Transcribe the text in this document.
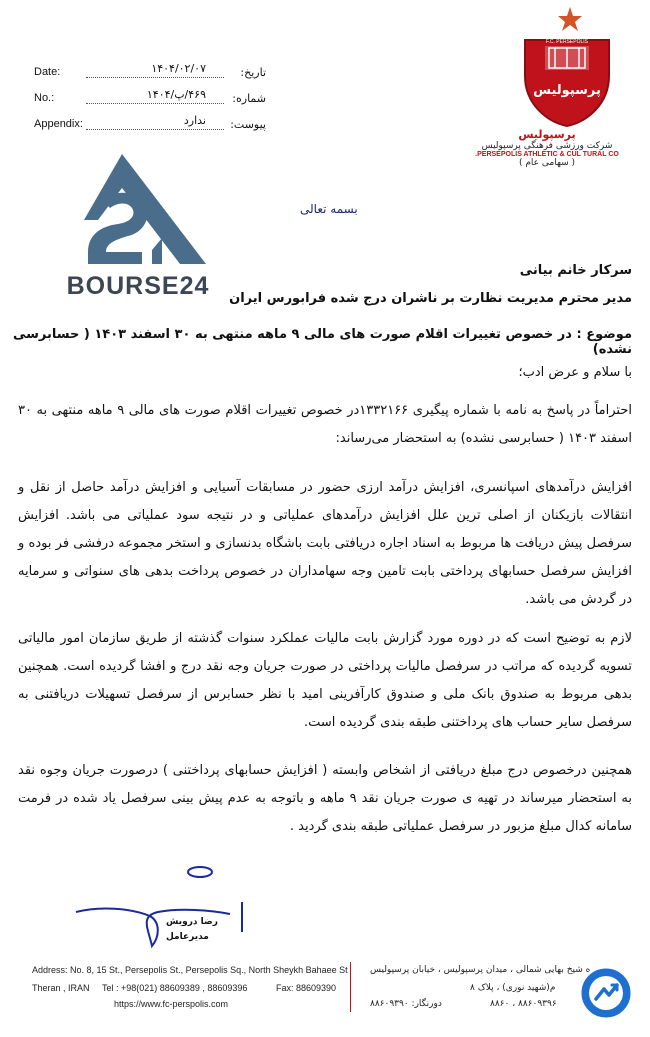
Date:	۱۴۰۴/۰۲/۰۷	تاریخ:
No.:	۴۶۹/پ/۱۴۰۴ شماره:
Appendix:	ندارد پیوست:
پرسپولیس
F.C. PERSEPOLIS
پرسپولیس
شرکت ورزشی فرهنگی پرسپولیس
PERSEPOLIS ATHLETIC & CUL TURAL CO.
( سهامی عام )
BOURSE24
بسمه تعالی
سرکار خانم بیانی
مدیر محترم مدیریت نظارت بر ناشران درج شده فرابورس ایران
موضوع : در خصوص تغییرات اقلام صورت های مالی ۹ ماهه منتهی به ۳۰ اسفند ۱۴۰۳ ( حسابرسی نشده)
با سلام و عرض ادب؛
احتراماً در پاسخ به نامه با شماره پیگیری ۱۳۳۲۱۶۶در خصوص تغییرات اقلام صورت های مالی ۹ ماهه منتهی به ۳۰ اسفند ۱۴۰۳ ( حسابرسی نشده) به استحضار می‌رساند:
افزایش درآمدهای اسپانسری، افزایش درآمد ارزی حضور در مسابقات آسیایی و افزایش درآمد حاصل از نقل و انتقالات بازیکنان از اصلی ترین علل افزایش درآمدهای عملیاتی و در نتیجه سود عملیاتی می باشد. افزایش سرفصل پیش دریافت ها مربوط به اسناد اجاره دریافتی بابت باشگاه بدنسازی و استخر مجموعه درفشی فر بوده و افزایش سرفصل حسابهای پرداختی بابت تامین وجه سهامداران در خصوص پرداخت بدهی های سنواتی و سرمایه در گردش می باشد.
لازم به توضیح است که در دوره مورد گزارش بابت مالیات عملکرد سنوات گذشته از طریق سازمان امور مالیاتی تسویه گردیده که مراتب در سرفصل مالیات پرداختی در صورت جریان وجه نقد درج و افشا گردیده است. همچنین بدهی مربوط به صندوق بانک ملی و صندوق کارآفرینی امید با نظر حسابرس از سرفصل تسهیلات دریافتنی به سرفصل سایر حساب های پرداختنی طبقه بندی گردیده است.
همچنین درخصوص درج مبلغ دریافتی از اشخاص وابسته ( افزایش حسابهای پرداختنی ) درصورت جریان وجوه نقد به استحضار میرساند در تهیه ی صورت جریان نقد ۹ ماهه و باتوجه به عدم پیش بینی سرفصل یاد شده در فرمت سامانه کدال مبلغ مزبور در سرفصل عملیاتی طبقه بندی گردید .
رضا درویش
مدیرعامل
Address: No. 8, 15 St., Persepolis St., Persepolis Sq., North Sheykh Bahaee St
Theran , IRAN Tel : +98(021) 88609389 , 88609396	Fax: 88609390
https://www.fc-perspolis.com
ه شیخ بهایی شمالی ، میدان پرسپولیس ، خیابان پرسپولیس
م(شهید نوری) ، پلاک ۸
۸۸۶۰۹۳۹۶ ، ۸۸۶۰
دورنگار: ۸۸۶۰۹۳۹۰
